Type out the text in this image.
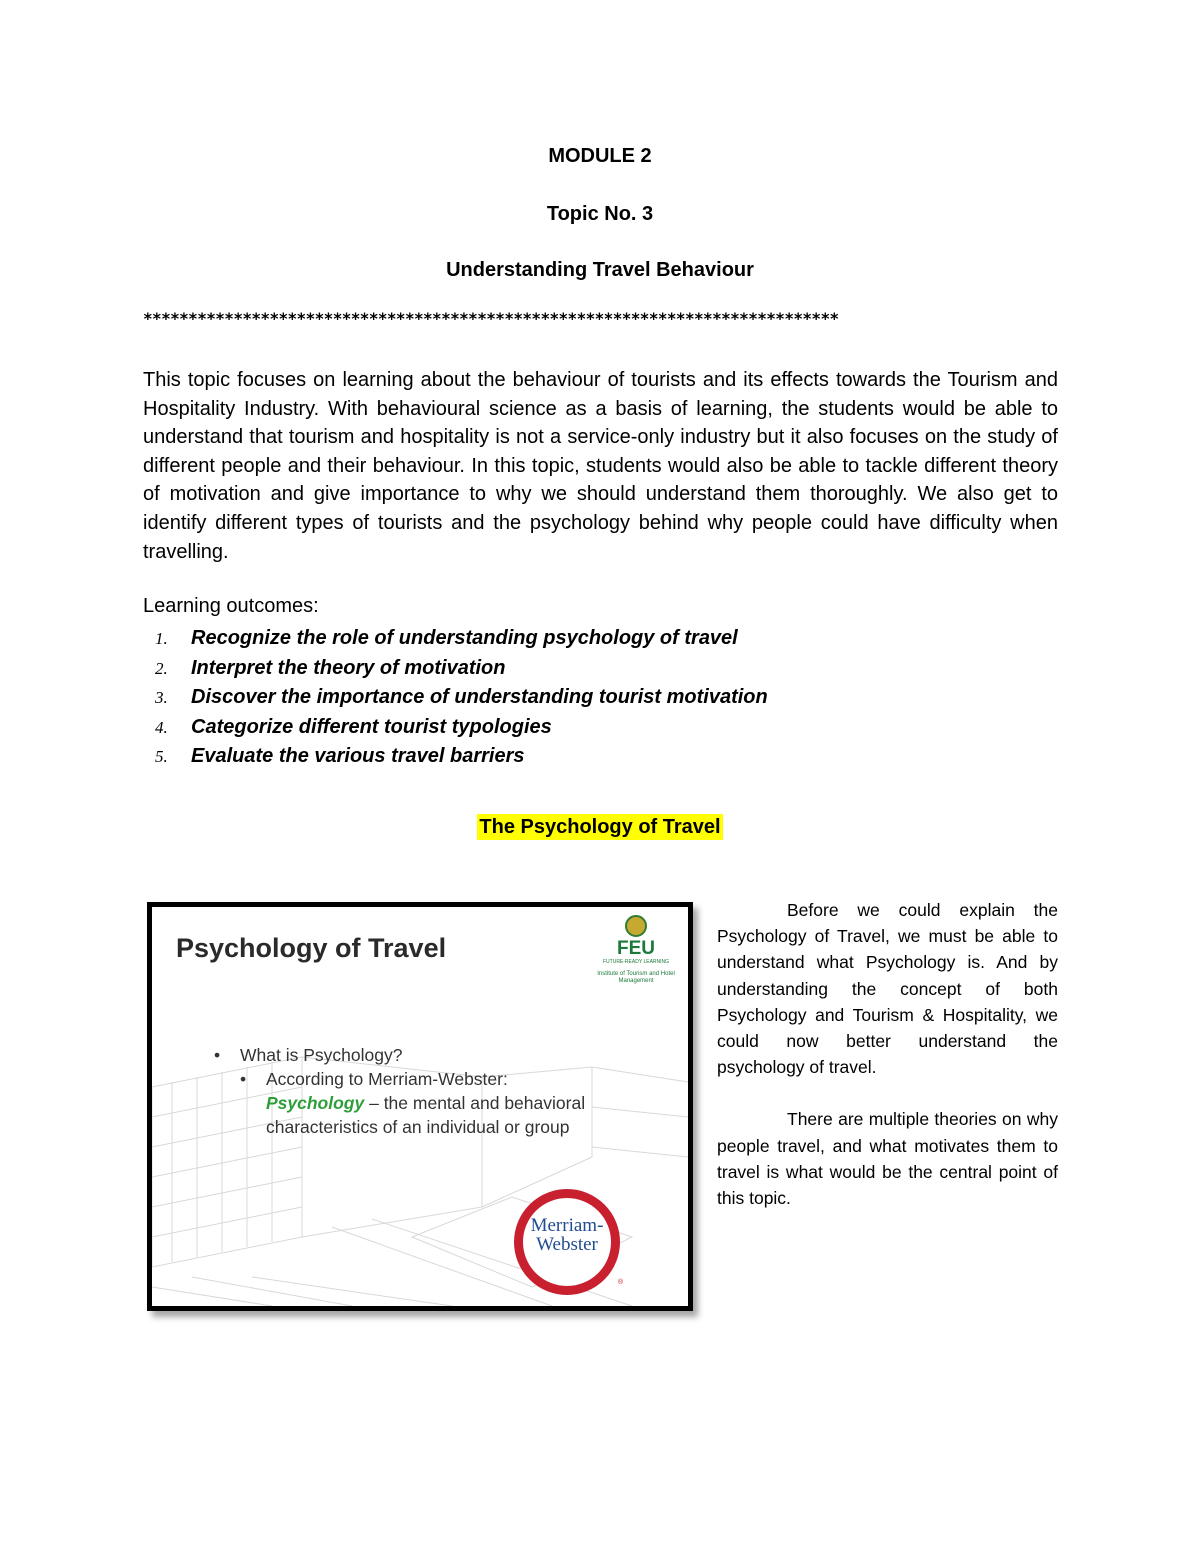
MODULE 2
Topic No. 3
Understanding Travel Behaviour
*****************************************************************************
This topic focuses on learning about the behaviour of tourists and its effects towards the Tourism and Hospitality Industry. With behavioural science as a basis of learning, the students would be able to understand that tourism and hospitality is not a service-only industry but it also focuses on the study of different people and their behaviour. In this topic, students would also be able to tackle different theory of motivation and give importance to why we should understand them thoroughly. We also get to identify different types of tourists and the psychology behind why people could have difficulty when travelling.
Learning outcomes:
1. Recognize the role of understanding psychology of travel
2. Interpret the theory of motivation
3. Discover the importance of understanding tourist motivation
4. Categorize different tourist typologies
5. Evaluate the various travel barriers
The Psychology of Travel
Psychology of Travel	FEU
FUTURE-READY LEARNING
Institute of Tourism and Hotel Management
• What is Psychology?
• According to Merriam-Webster:
Psychology – the mental and behavioral
characteristics of an individual or group
Merriam-
Webster
®

Before we could explain the Psychology of Travel, we must be able to understand what Psychology is. And by understanding the concept of both Psychology and Tourism & Hospitality, we could now better understand the psychology of travel.

There are multiple theories on why people travel, and what motivates them to travel is what would be the central point of this topic.
